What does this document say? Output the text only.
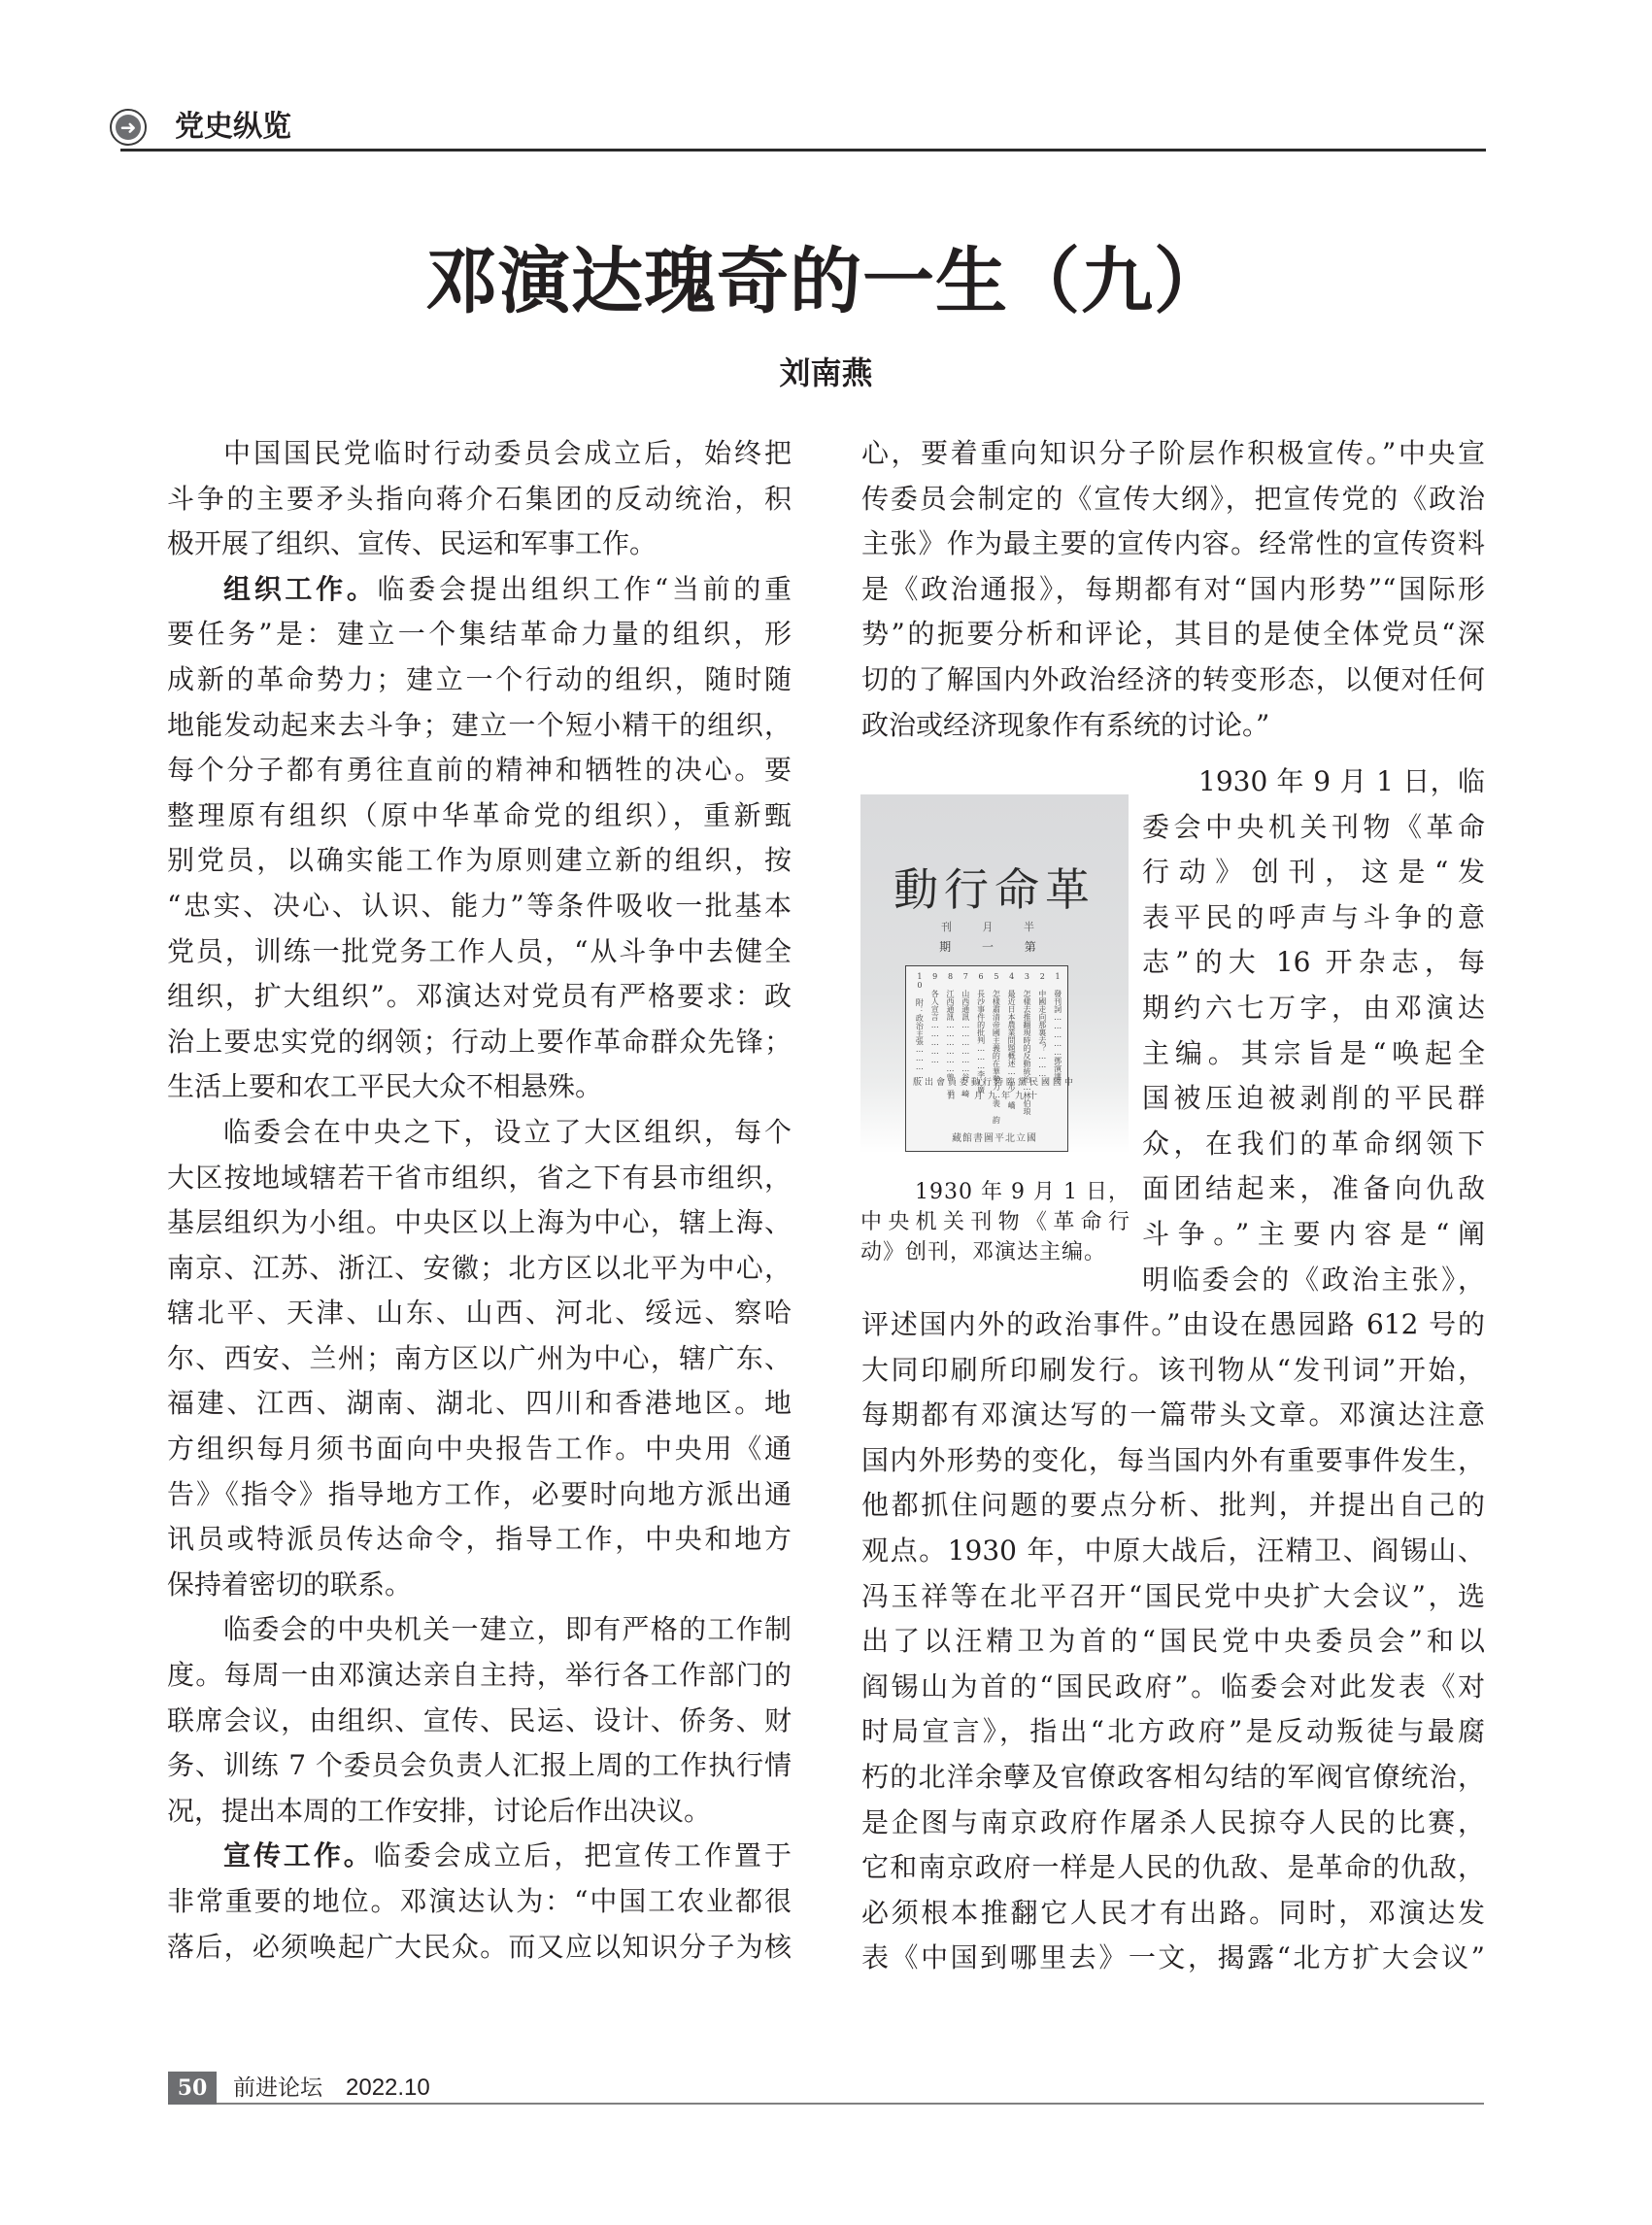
➜ 党史纵览
邓演达瑰奇的一生（九）
刘南燕
中国国民党临时行动委员会成立后，始终把
斗争的主要矛头指向蒋介石集团的反动统治，积
极开展了组织、宣传、民运和军事工作。
组织工作。临委会提出组织工作“当前的重
要任务”是：建立一个集结革命力量的组织，形
成新的革命势力；建立一个行动的组织，随时随
地能发动起来去斗争；建立一个短小精干的组织，
每个分子都有勇往直前的精神和牺牲的决心。要
整理原有组织（原中华革命党的组织），重新甄
别党员，以确实能工作为原则建立新的组织，按
“忠实、决心、认识、能力”等条件吸收一批基本
党员，训练一批党务工作人员，“从斗争中去健全
组织，扩大组织”。邓演达对党员有严格要求：政
治上要忠实党的纲领；行动上要作革命群众先锋；
生活上要和农工平民大众不相悬殊。
临委会在中央之下，设立了大区组织，每个
大区按地域辖若干省市组织，省之下有县市组织，
基层组织为小组。中央区以上海为中心，辖上海、
南京、江苏、浙江、安徽；北方区以北平为中心，
辖北平、天津、山东、山西、河北、绥远、察哈
尔、西安、兰州；南方区以广州为中心，辖广东、
福建、江西、湖南、湖北、四川和香港地区。地
方组织每月须书面向中央报告工作。中央用《通
告》《指令》指导地方工作，必要时向地方派出通
讯员或特派员传达命令，指导工作，中央和地方
保持着密切的联系。
临委会的中央机关一建立，即有严格的工作制
度。每周一由邓演达亲自主持，举行各工作部门的
联席会议，由组织、宣传、民运、设计、侨务、财
务、训练 7 个委员会负责人汇报上周的工作执行情
况，提出本周的工作安排，讨论后作出决议。
宣传工作。临委会成立后，把宣传工作置于
非常重要的地位。邓演达认为：“中国工农业都很
落后，必须唤起广大民众。而又应以知识分子为核
心，要着重向知识分子阶层作积极宣传。”中央宣
传委员会制定的《宣传大纲》，把宣传党的《政治
主张》作为最主要的宣传内容。经常性的宣传资料
是《政治通报》，每期都有对“国内形势”“国际形
势”的扼要分析和评论，其目的是使全体党员“深
切的了解国内外政治经济的转变形态，以便对任何
政治或经济现象作有系统的讨论。”
1930 年 9 月 1 日，临
委会中央机关刊物《革命
行动》创刊，这是“发
表平民的呼声与斗争的意
志”的大 16 开杂志，每
期约六七万字，由邓演达
主编。其宗旨是“唤起全
国被压迫被剥削的平民群
众，在我们的革命纲领下
面团结起来，准备向仇敌
斗争。”主要内容是“阐
明临委会的《政治主张》，
评述国内外的政治事件。”由设在愚园路 612 号的
大同印刷所印刷发行。该刊物从“发刊词”开始，
每期都有邓演达写的一篇带头文章。邓演达注意
国内外形势的变化，每当国内外有重要事件发生，
他都抓住问题的要点分析、批判，并提出自己的
观点。1930 年，中原大战后，汪精卫、阎锡山、
冯玉祥等在北平召开“国民党中央扩大会议”，选
出了以汪精卫为首的“国民党中央委员会”和以
阎锡山为首的“国民政府”。临委会对此发表《对
时局宣言》，指出“北方政府”是反动叛徒与最腐
朽的北洋余孽及官僚政客相勾结的军阀官僚统治，
是企图与南京政府作屠杀人民掠夺人民的比赛，
它和南京政府一样是人民的仇敌、是革命的仇敌，
必须根本推翻它人民才有出路。同时，邓演达发
表《中国到哪里去》一文，揭露“北方扩大会议”
動行命革
刊 月 半
期 一 第
1 發刊詞……………鄧演達
2 中國走向那裏去？………
3 怎樣去推翻現時的反動統治…林伯琅
4 最近日本農業問題概述……少 嶠
5 怎樣肅清帝國主義的在華勢力…裴 韵
6 長沙事件的批判………李心廣
7 山西通訊………………谷 崎
8 江西通訊………………曾 平
9 各人宣言……………
10 附：政治主張…………
版出會員委動行時臨黨民國國中
日一月九年九十
藏館書圖平北立國
1930 年 9 月 1 日，
中央机关刊物《革命行
动》创刊，邓演达主编。
50	前进论坛 2022.10
